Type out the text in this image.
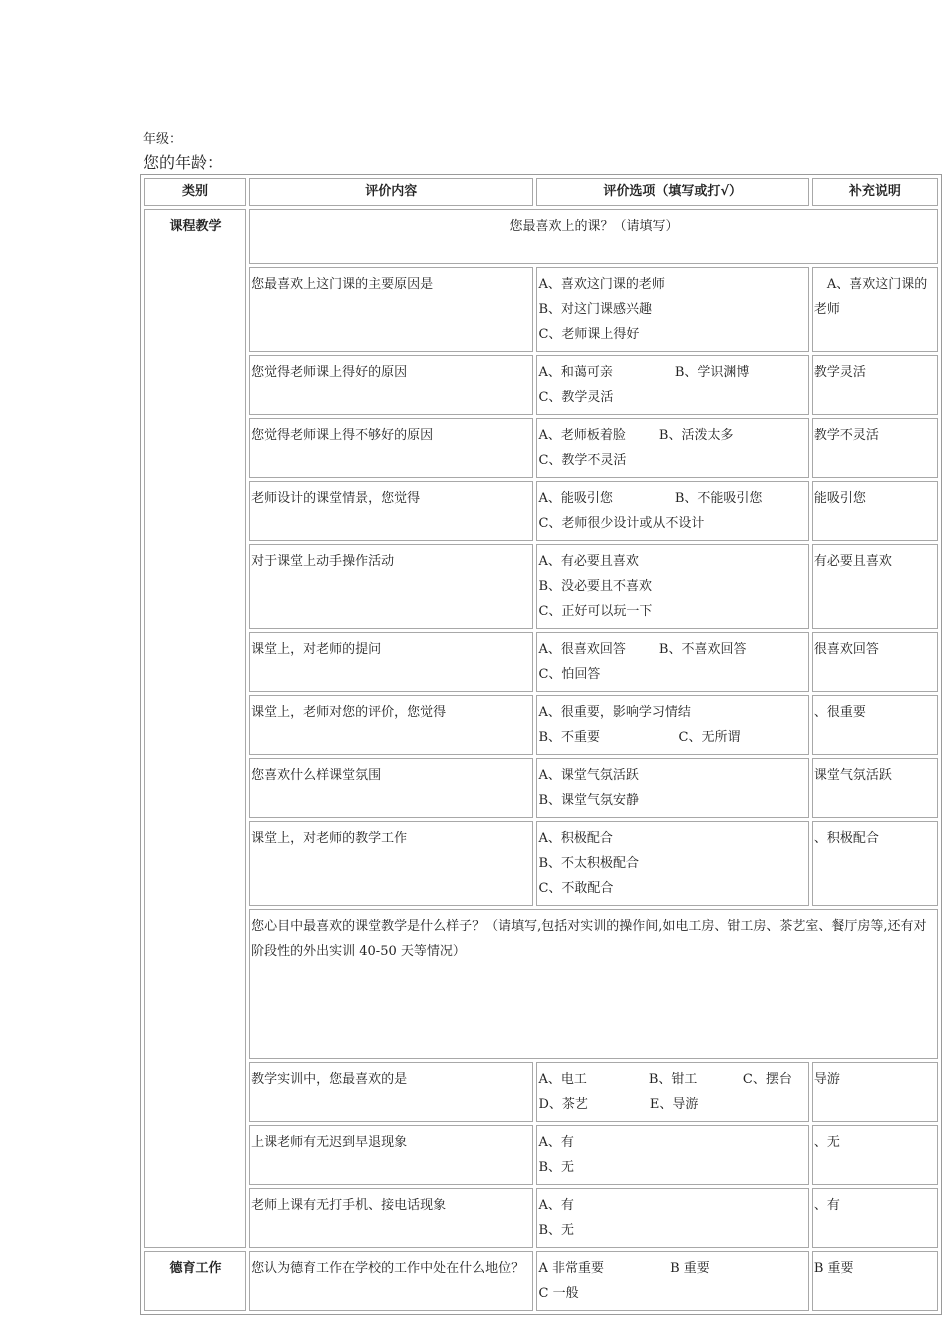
年级：
您的年龄：
类别	评价内容	评价选项（填写或打√）	补充说明
课程教学	您最喜欢上的课？（请填写）		
	您最喜欢上这门课的主要原因是	A、喜欢这门课的老师
B、对这门课感兴趣
C、老师课上得好	A、喜欢这门课的老师

	您觉得老师课上得好的原因	A、和蔼可亲               B、学识渊博
C、教学灵活	教学灵活
	您觉得老师课上得不够好的原因	A、老师板着脸        B、活泼太多
C、教学不灵活	教学不灵活
	老师设计的课堂情景，您觉得	A、能吸引您               B、不能吸引您
C、老师很少设计或从不设计	能吸引您
	对于课堂上动手操作活动	A、有必要且喜欢
B、没必要且不喜欢
C、正好可以玩一下	有必要且喜欢
	课堂上，对老师的提问	A、很喜欢回答        B、不喜欢回答
C、怕回答	很喜欢回答
	课堂上，老师对您的评价，您觉得	A、很重要，影响学习情结
B、不重要                   C、无所谓	、很重要
	您喜欢什么样课堂氛围	A、课堂气氛活跃
B、课堂气氛安静	课堂气氛活跃
	课堂上，对老师的教学工作	A、积极配合
B、不太积极配合
C、不敢配合	、积极配合
	您心目中最喜欢的课堂教学是什么样子？（请填写,包括对实训的操作间,如电工房、钳工房、茶艺室、餐厅房等,还有对阶段性的外出实训 40-50 天等情况）		
	教学实训中，您最喜欢的是	A、电工               B、钳工           C、摆台
D、茶艺               E、导游	导游
	上课老师有无迟到早退现象	A、有
B、无	、无
	老师上课有无打手机、接电话现象	A、有
B、无	、有
德育工作	您认为德育工作在学校的工作中处在什么地位？	A 非常重要                B 重要
C 一般	B 重要
